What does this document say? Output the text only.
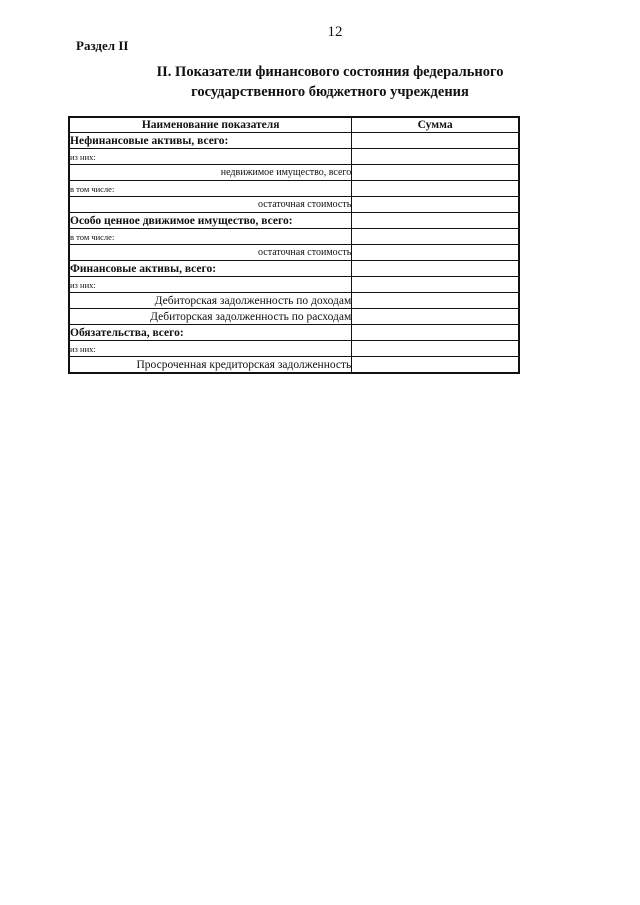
12
Раздел II
II. Показатели финансового состояния федерального
государственного бюджетного учреждения
Наименование показателя	Сумма
Нефинансовые активы, всего:	
из них:	
недвижимое имущество, всего	
в том числе:	
остаточная стоимость	
Особо ценное движимое имущество, всего:	
в том числе:	
остаточная стоимость	
Финансовые активы, всего:	
из них:	
Дебиторская задолженность по доходам	
Дебиторская задолженность по расходам	
Обязательства, всего:	
из них:	
Просроченная кредиторская задолженность	
